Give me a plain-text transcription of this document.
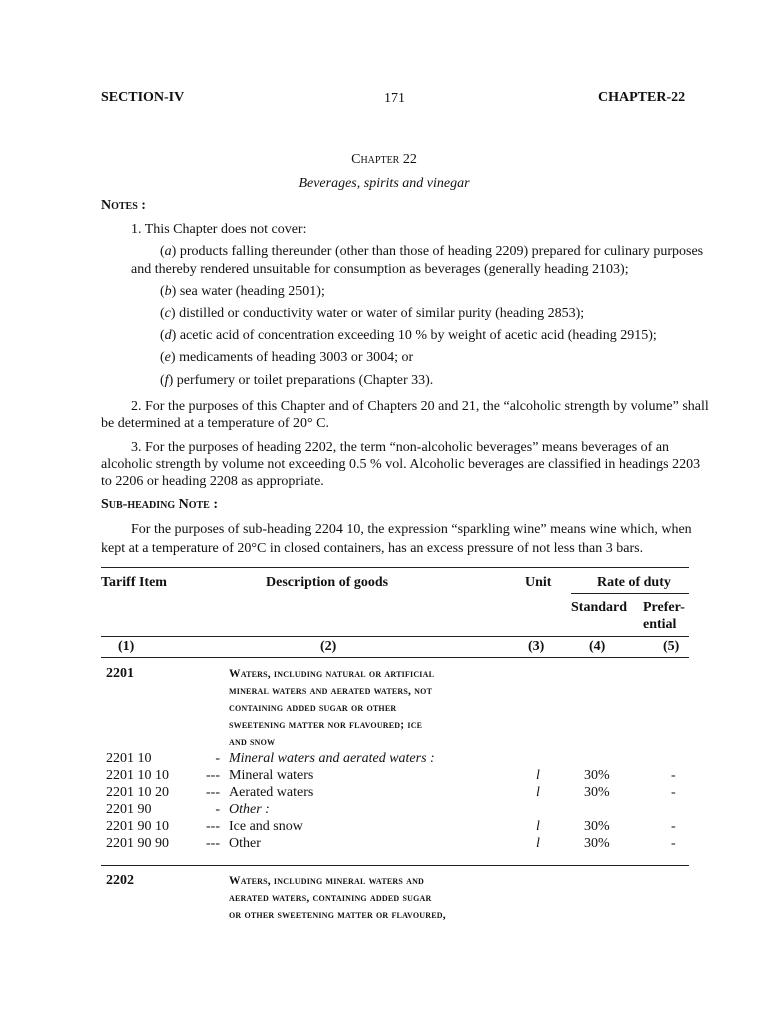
SECTION-IV	171	CHAPTER-22
Chapter 22
Beverages, spirits and vinegar
Notes :
1. This Chapter does not cover:
(a) products falling thereunder (other than those of heading 2209) prepared for culinary purposes
and thereby rendered unsuitable for consumption as beverages (generally heading 2103);
(b) sea water (heading 2501);
(c) distilled or conductivity water or water of similar purity (heading 2853);
(d) acetic acid of concentration exceeding 10 % by weight of acetic acid (heading 2915);
(e) medicaments of heading 3003 or 3004; or
(f) perfumery or toilet preparations (Chapter 33).
2. For the purposes of this Chapter and of Chapters 20 and 21, the “alcoholic strength by volume” shall
be determined at a temperature of 20° C.
3. For the purposes of heading 2202, the term “non-alcoholic beverages” means beverages of an
alcoholic strength by volume not exceeding 0.5 % vol. Alcoholic beverages are classified in headings 2203
to 2206 or heading 2208 as appropriate.
Sub-heading Note :
For the purposes of sub-heading 2204 10, the expression “sparkling wine” means wine which, when
kept at a temperature of 20°C in closed containers, has an excess pressure of not less than 3 bars.
Tariff Item	Description of goods	Unit	Rate of duty
Standard Prefer-
ential
(1)	(2)	(3)	(4)	(5)
2201	Waters, including natural or artificial
mineral waters and aerated waters, not
containing added sugar or other
sweetening matter nor flavoured; ice
and snow
2201 10	- Mineral waters and aerated waters :
2201 10 10	--- Mineral waters	l	30%	-
2201 10 20	--- Aerated waters	l	30%	-
2201 90	- Other :
2201 90 10	--- Ice and snow	l	30%	-
2201 90 90	--- Other	l	30%	-
2202	Waters, including mineral waters and
aerated waters, containing added sugar
or other sweetening matter or flavoured,
